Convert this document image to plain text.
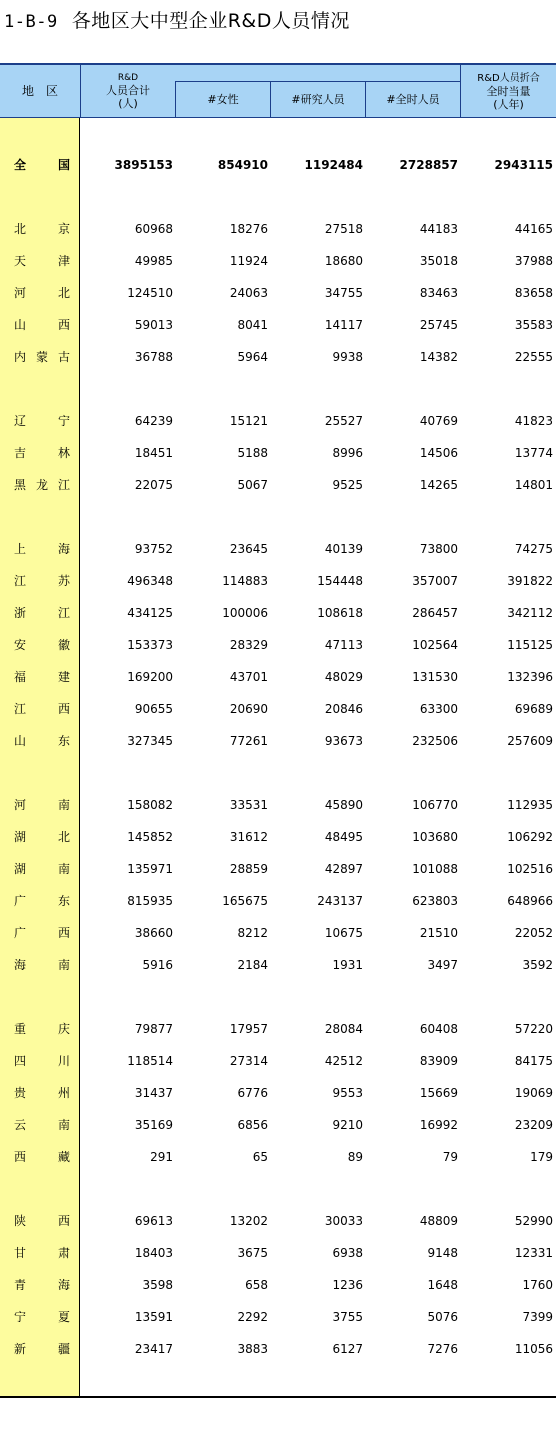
1-B-9 各地区大中型企业R&D人员情况
地　区
R&D
人员合计
(人)	#女性	#研究人员	#全时人员
R&D人员折合
全时当量
(人年)
全	国	3895153	854910	1192484	2728857	2943115
北	京	60968	18276	27518	44183	44165
天	津	49985	11924	18680	35018	37988
河	北	124510	24063	34755	83463	83658
山	西	59013	8041	14117	25745	35583
内 蒙 古	36788	5964	9938	14382	22555
辽	宁	64239	15121	25527	40769	41823
吉	林	18451	5188	8996	14506	13774
黑 龙 江	22075	5067	9525	14265	14801
上	海	93752	23645	40139	73800	74275
江	苏	496348	114883	154448	357007	391822
浙	江	434125	100006	108618	286457	342112
安	徽	153373	28329	47113	102564	115125
福	建	169200	43701	48029	131530	132396
江	西	90655	20690	20846	63300	69689
山	东	327345	77261	93673	232506	257609
河	南	158082	33531	45890	106770	112935
湖	北	145852	31612	48495	103680	106292
湖	南	135971	28859	42897	101088	102516
广	东	815935	165675	243137	623803	648966
广	西	38660	8212	10675	21510	22052
海	南	5916	2184	1931	3497	3592
重	庆	79877	17957	28084	60408	57220
四	川	118514	27314	42512	83909	84175
贵	州	31437	6776	9553	15669	19069
云	南	35169	6856	9210	16992	23209
西	藏	291	65	89	79	179
陕	西	69613	13202	30033	48809	52990
甘	肃	18403	3675	6938	9148	12331
青	海	3598	658	1236	1648	1760
宁	夏	13591	2292	3755	5076	7399
新	疆	23417	3883	6127	7276	11056
